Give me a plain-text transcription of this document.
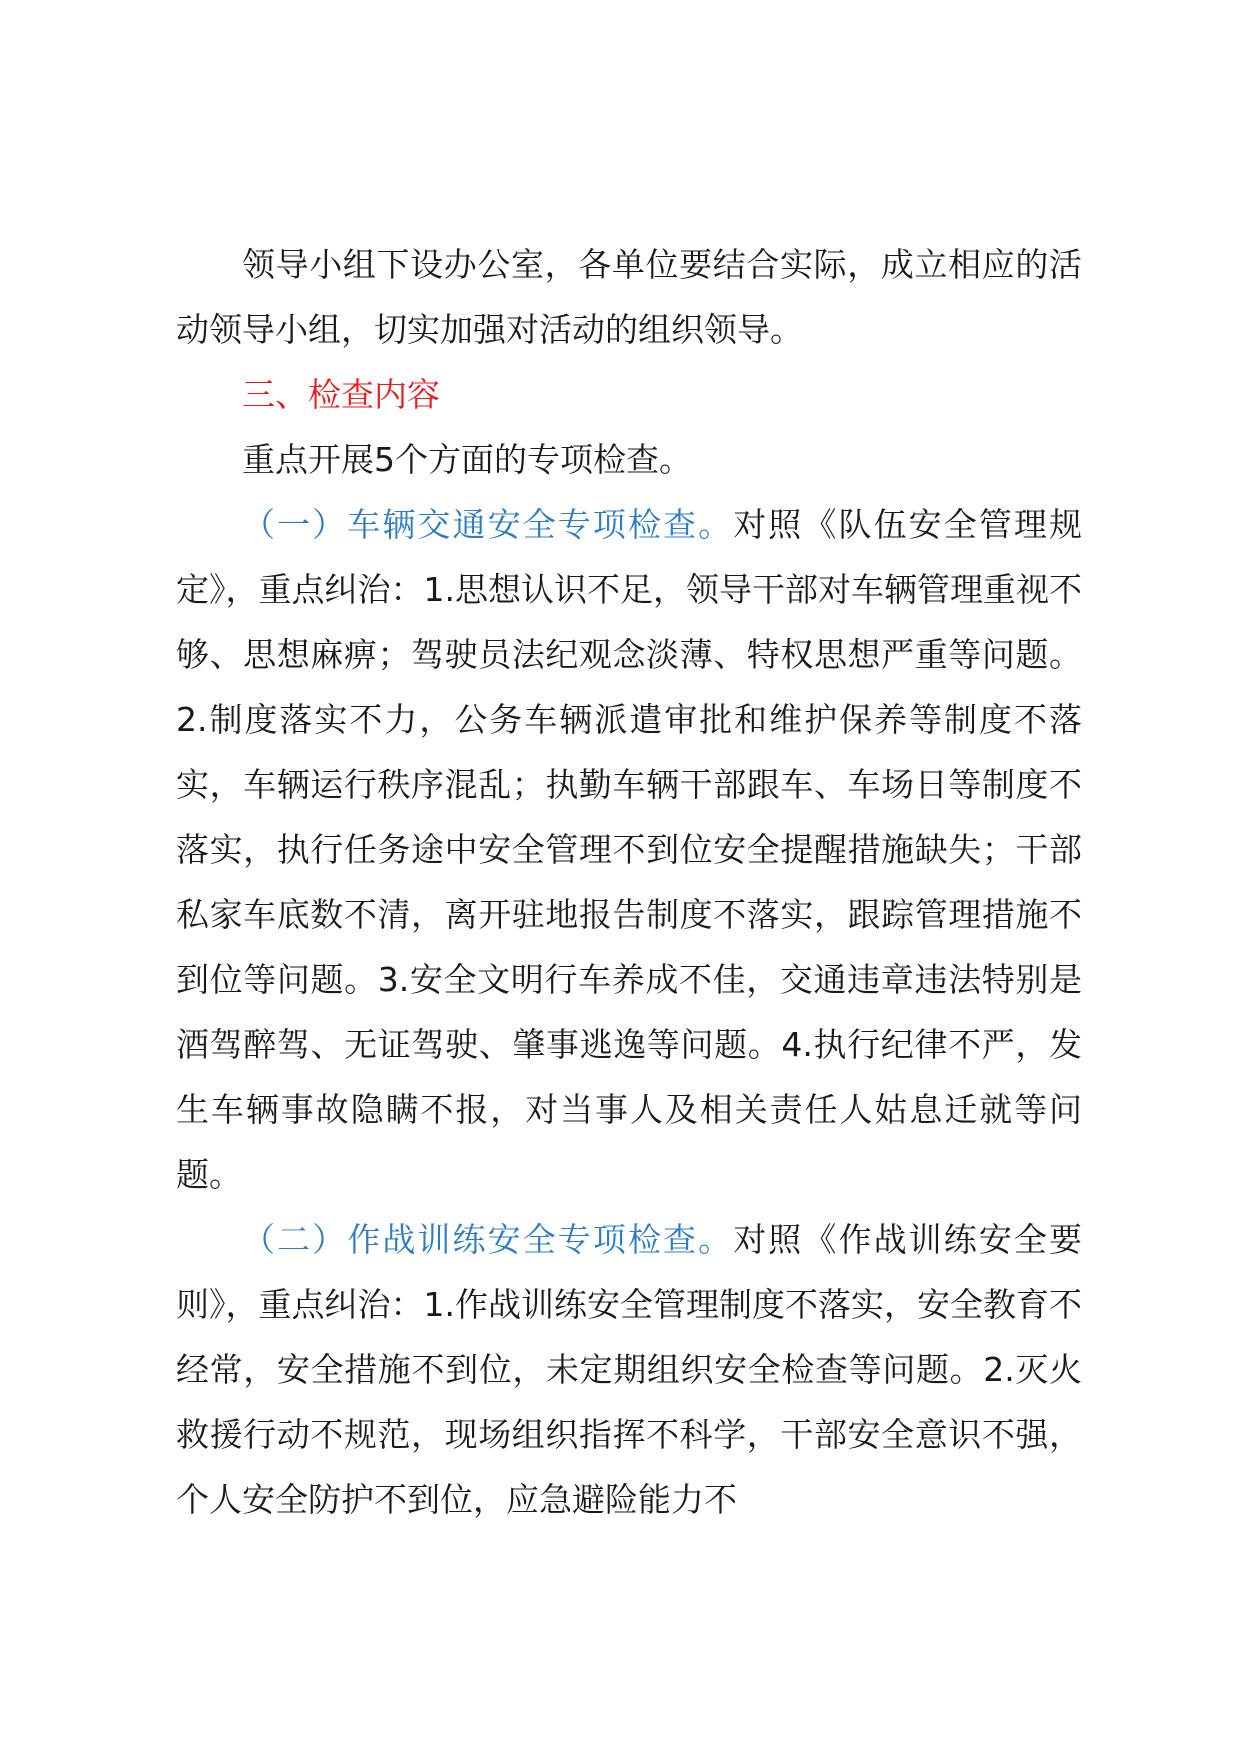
领导小组下设办公室，各单位要结合实际，成立相应的活动领导小组，切实加强对活动的组织领导。

三、检查内容

重点开展5个方面的专项检查。

（一）车辆交通安全专项检查。对照《队伍安全管理规定》，重点纠治：1.思想认识不足，领导干部对车辆管理重视不够、思想麻痹；驾驶员法纪观念淡薄、特权思想严重等问题。2.制度落实不力，公务车辆派遣审批和维护保养等制度不落实，车辆运行秩序混乱；执勤车辆干部跟车、车场日等制度不落实，执行任务途中安全管理不到位安全提醒措施缺失；干部私家车底数不清，离开驻地报告制度不落实，跟踪管理措施不到位等问题。3.安全文明行车养成不佳，交通违章违法特别是酒驾醉驾、无证驾驶、肇事逃逸等问题。4.执行纪律不严，发生车辆事故隐瞒不报，对当事人及相关责任人姑息迁就等问题。

（二）作战训练安全专项检查。对照《作战训练安全要则》，重点纠治：1.作战训练安全管理制度不落实，安全教育不经常，安全措施不到位，未定期组织安全检查等问题。2.灭火救援行动不规范，现场组织指挥不科学，干部安全意识不强，个人安全防护不到位，应急避险能力不
